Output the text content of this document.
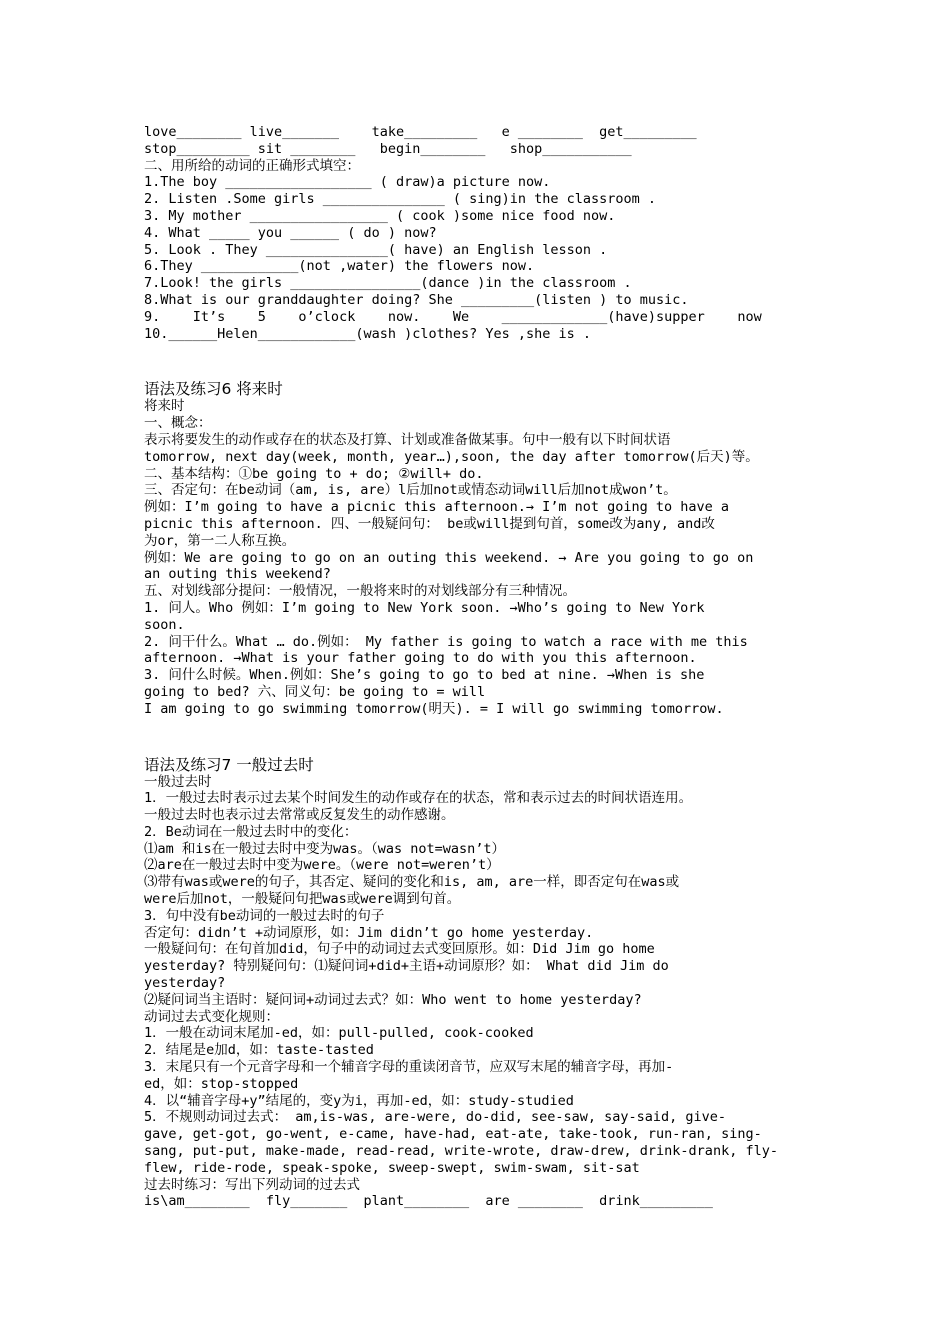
love________ live_______    take_________   e ________  get_________
stop_________ sit ________   begin________   shop___________
二、用所给的动词的正确形式填空：
1.The boy __________________ ( draw)a picture now.
2. Listen .Some girls _______________ ( sing)in the classroom .
3. My mother _________________ ( cook )some nice food now.
4. What _____ you ______ ( do ) now?
5. Look . They _______________( have) an English lesson .
6.They ____________(not ,water) the flowers now.
7.Look! the girls ________________(dance )in the classroom .
8.What is our granddaughter doing? She _________(listen ) to music.
9.    It’s    5    o’clock    now.    We    _____________(have)supper    now
10.______Helen____________(wash )clothes? Yes ,she is .
语法及练习6 将来时
将来时
一、概念：
表示将要发生的动作或存在的状态及打算、计划或准备做某事。句中一般有以下时间状语
tomorrow, next day(week, month, year…),soon, the day after tomorrow(后天)等。
二、基本结构：①be going to + do; ②will+ do.
三、否定句：在be动词（am, is, are）l后加not或情态动词will后加not成won’t。
例如：I’m going to have a picnic this afternoon.→ I’m not going to have a
picnic this afternoon. 四、一般疑问句： be或will提到句首，some改为any, and改
为or，第一二人称互换。
例如：We are going to go on an outing this weekend. → Are you going to go on
an outing this weekend?
五、对划线部分提问：一般情况，一般将来时的对划线部分有三种情况。
1. 问人。Who 例如：I’m going to New York soon. →Who’s going to New York
soon.
2. 问干什么。What … do.例如： My father is going to watch a race with me this
afternoon. →What is your father going to do with you this afternoon.
3. 问什么时候。When.例如：She’s going to go to bed at nine. →When is she
going to bed? 六、同义句：be going to = will
I am going to go swimming tomorrow(明天). = I will go swimming tomorrow.
语法及练习7 一般过去时
一般过去时
1．一般过去时表示过去某个时间发生的动作或存在的状态，常和表示过去的时间状语连用。
一般过去时也表示过去常常或反复发生的动作感谢。
2．Be动词在一般过去时中的变化：
⑴am 和is在一般过去时中变为was。（was not=wasn’t）
⑵are在一般过去时中变为were。（were not=weren’t）
⑶带有was或were的句子，其否定、疑问的变化和is, am, are一样，即否定句在was或
were后加not，一般疑问句把was或were调到句首。
3．句中没有be动词的一般过去时的句子
否定句：didn’t +动词原形，如：Jim didn’t go home yesterday.
一般疑问句：在句首加did，句子中的动词过去式变回原形。如：Did Jim go home
yesterday? 特别疑问句：⑴疑问词+did+主语+动词原形？如： What did Jim do
yesterday?
⑵疑问词当主语时：疑问词+动词过去式？如：Who went to home yesterday?
动词过去式变化规则：
1．一般在动词末尾加-ed，如：pull-pulled, cook-cooked
2．结尾是e加d，如：taste-tasted
3．末尾只有一个元音字母和一个辅音字母的重读闭音节，应双写末尾的辅音字母，再加-
ed，如：stop-stopped
4．以“辅音字母+y”结尾的，变y为i，再加-ed，如：study-studied
5．不规则动词过去式： am,is-was, are-were, do-did, see-saw, say-said, give-
gave, get-got, go-went, e-came, have-had, eat-ate, take-took, run-ran, sing-
sang, put-put, make-made, read-read, write-wrote, draw-drew, drink-drank, fly-
flew, ride-rode, speak-spoke, sweep-swept, swim-swam, sit-sat
过去时练习：写出下列动词的过去式
is\am________  fly_______  plant________  are ________  drink_________
